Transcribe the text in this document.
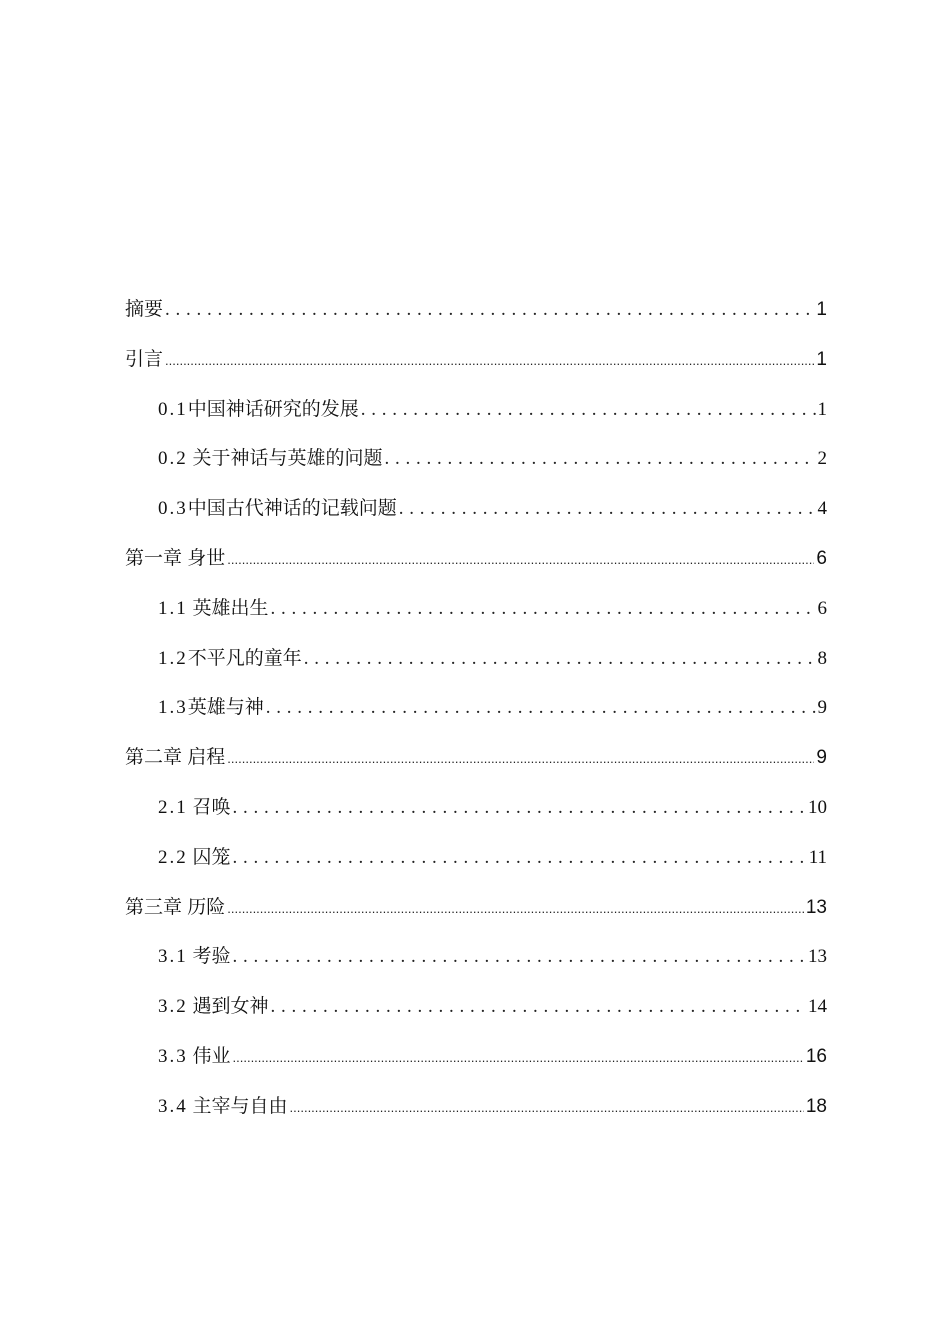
摘要 . . .	1
引言 .....	1
0.1中国神话研究的发展 . . .	1
0.2 关于神话与英雄的问题 . . .	2
0.3中国古代神话的记载问题 . . .	4
第一章 身世 .....	6
1.1 英雄出生 . . .	6
1.2不平凡的童年 . . .	8
1.3英雄与神 . . .	9
第二章 启程 .....	9
2.1 召唤 . . .	10
2.2 囚笼 . . .	11
第三章 历险 .....	13
3.1 考验 . . .	13
3.2 遇到女神 . . .	14
3.3 伟业 .....	16
3.4 主宰与自由 .....	18
